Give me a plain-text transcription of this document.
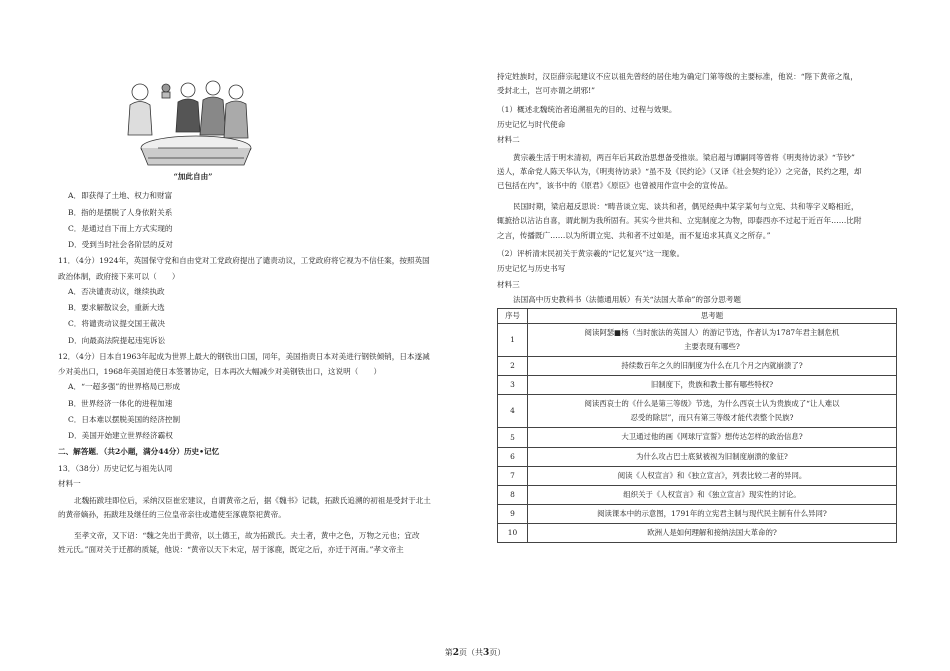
“加此自由”
A．即获得了土地、权力和财富
B．指的是摆脱了人身依附关系
C．是通过自下而上方式实现的
D．受到当时社会各阶层的反对
11．（4分）1924年，英国保守党和自由党对工党政府提出了谴责动议，工党政府将它视为不信任案，按照英国
政治体制，政府接下来可以（　　）
A．否决谴责动议，继续执政
B．要求解散议会，重新大选
C．将谴责动议提交国王裁决
D．向最高法院提起违宪诉讼
12．（4分）日本自1963年起成为世界上最大的钢铁出口国，同年，美国指责日本对美进行钢铁倾销，日本遂减
少对美出口，1968年美国迫使日本签署协定，日本再次大幅减少对美钢铁出口，这说明（　　）
A．“一超多强”的世界格局已形成
B．世界经济一体化的进程加速
C．日本难以摆脱美国的经济控制
D．美国开始建立世界经济霸权
二、解答题．（共2小题，满分44分）历史•记忆
13．（38分）历史记忆与祖先认同
材料一
北魏拓跋珪即位后，采纳汉臣崔宏建议，自谓黄帝之后，据《魏书》记载，拓跋氏追溯的初祖是受封于北土
的黄帝嫡孙，拓跋珪及继任的三位皇帝亲往或遣使至涿鹿祭祀黄帝。
至孝文帝，又下诏：“魏之先出于黄帝，以土德王，故为拓跋氏。夫土者，黄中之色，万物之元也；宜改
姓元氏。”面对关于迁都的质疑，他说：“黄帝以天下未定，居于涿鹿，既定之后，亦迁于河南。”孝文帝主
持定姓族时，汉臣薛宗起建议不应以祖先曾经的居住地为确定门第等级的主要标准，他说：“陛下黄帝之胤，
受封北土，岂可亦谓之胡邪!”
（1）概述北魏统治者追溯祖先的目的、过程与效果。
历史记忆与时代使命
材料二
黄宗羲生活于明末清初，两百年后其政治思想备受推崇。梁启超与谭嗣同等曾将《明夷待访录》“节钞”
送人，革命党人陈天华认为，《明夷待访录》“虽不及《民约论》（又译《社会契约论》）之完备，民约之理，却
已包括在内”，该书中的《原君》《原臣》也曾被用作宣中会的宣传品。
民国时期，梁启超反思说：“畴昔谈立宪、谈共和者，偶见经典中某字某句与立宪、共和等字义略相近，
辄摭拾以沾沾自喜，谓此制为我所固有。其实今世共和、立宪制度之为物，即泰西亦不过起于近百年……比附
之言，传播既广……以为所谓立宪、共和者不过如是，而不复追求其真义之所存。”
（2）评析清末民初关于黄宗羲的“记忆复兴”这一现象。
历史记忆与历史书写
材料三
法国高中历史教科书（法德通用版）有关“法国大革命”的部分思考题
序号	思考题
1	阅读阿瑟■杨（当时旅法的英国人）的游记节选，作者认为1787年君主制危机
主要表现有哪些?

2	持续数百年之久的旧制度为什么在几个月之内就崩溃了?

3	旧制度下，贵族和教士都有哪些特权?

4	阅读西哀士的《什么是第三等级》节选，为什么西哀士认为贵族成了“让人难以
忍受的除层”，而只有第三等级才能代表整个民族?

5	大卫通过他的画《网球厅宣誓》想传达怎样的政治信息?

6	为什么攻占巴士底狱被视为旧制度崩溃的象征?

7	阅读《人权宣言》和《独立宣言》，列表比较二者的异同。

8	组织关于《人权宣言》和《独立宣言》现实性的讨论。

9	阅读课本中的示意图，1791年的立宪君主制与现代民主制有什么异同?

10	欧洲人是如何理解和接纳法国大革命的?
第2页（共3页）
